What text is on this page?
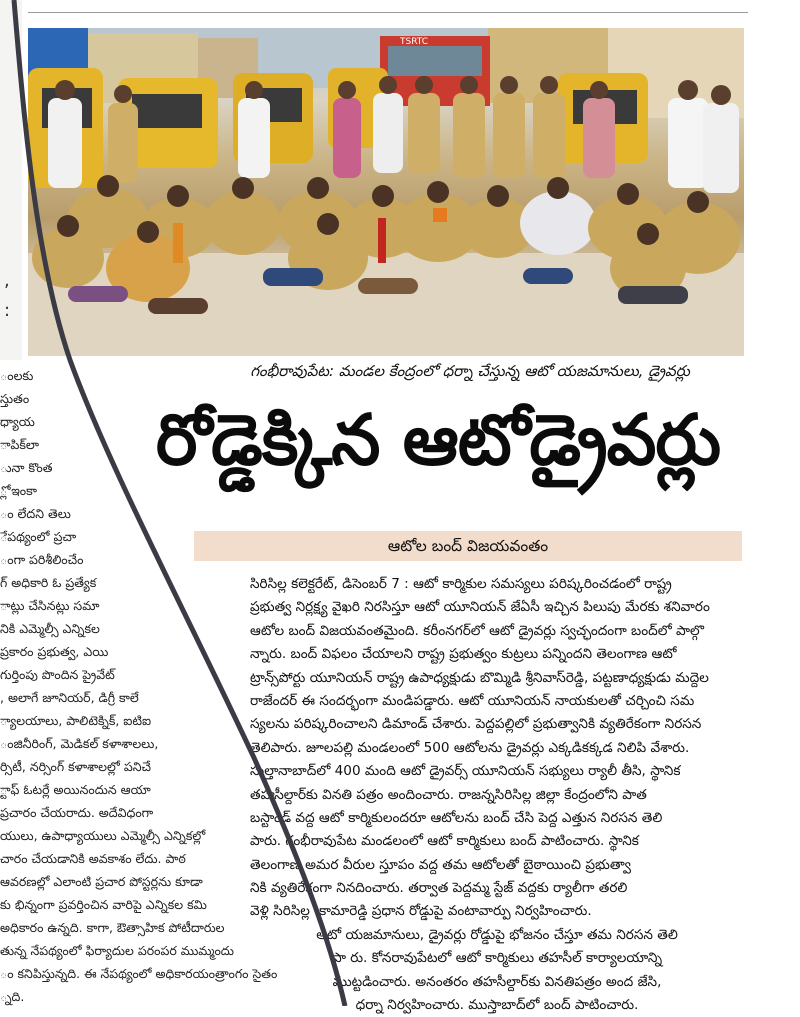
,
:
TSRTC
గంభీరావుపేట: మండల కేంద్రంలో ధర్నా చేస్తున్న ఆటో యజమానులు, డ్రైవర్లు
రోడ్డెక్కిన ఆటోడ్రైవర్లు
ఆటోల బంద్ విజయవంతం
సిరిసిల్ల కలెక్టరేట్, డిసెంబర్ 7 : ఆటో కార్మికుల సమస్యలు పరిష్కరించడంలో రాష్ట్ర
ప్రభుత్వ నిర్లక్ష్య వైఖరి నిరసిస్తూ ఆటో యూనియన్ జేఏసీ ఇచ్చిన పిలుపు మేరకు శనివారం
ఆటోల బంద్ విజయవంతమైంది. కరీంనగర్‌లో ఆటో డ్రైవర్లు స్వచ్ఛందంగా బంద్‌లో పాల్గొ
న్నారు. బంద్ విఫలం చేయాలని రాష్ట్ర ప్రభుత్వం కుట్రలు పన్నిందని తెలంగాణ ఆటో
ట్రాన్స్‌పోర్టు యూనియన్ రాష్ట్ర ఉపాధ్యక్షుడు బొమ్మిడి శ్రీనివాస్‌రెడ్డి, పట్టణాధ్యక్షుడు మద్దెల
రాజేందర్ ఈ సందర్భంగా మండిపడ్డారు. ఆటో యూనియన్ నాయకులతో చర్చించి సమ
స్యలను పరిష్కరించాలని డిమాండ్ చేశారు. పెద్దపల్లిలో ప్రభుత్వానికి వ్యతిరేకంగా నిరసన
తెలిపారు. జూలపల్లి మండలంలో 500 ఆటోలను డ్రైవర్లు ఎక్కడికక్కడ నిలిపి వేశారు.
సుల్తానాబాద్‌లో 400 మంది ఆటో డ్రైవర్స్ యూనియన్ సభ్యులు ర్యాలీ తీసి, స్థానిక
తహసీల్దార్‌కు వినతి పత్రం అందించారు. రాజన్నసిరిసిల్ల జిల్లా కేంద్రంలోని పాత
బస్టాండ్ వద్ద ఆటో కార్మికులందరూ ఆటోలను బంద్ చేసి పెద్ద ఎత్తున నిరసన తెలి
పారు. గంభీరావుపేట మండలంలో ఆటో కార్మికులు బంద్ పాటించారు. స్థానిక
తెలంగాణ అమర వీరుల స్తూపం వద్ద తమ ఆటోలతో బైఠాయించి ప్రభుత్వా
నికి వ్యతిరేకంగా నినదించారు. తర్వాత పెద్దమ్మ స్టేజ్ వద్దకు ర్యాలీగా తరలి
వెళ్లి సిరిసిల్ల -కామారెడ్డి ప్రధాన రోడ్డుపై వంటావార్పు నిర్వహించారు.
ఆటో యజమానులు, డ్రైవర్లు రోడ్డుపై భోజనం చేస్తూ తమ నిరసన తెలి
పా రు. కోనరావుపేటలో ఆటో కార్మికులు తహసీల్ కార్యాలయాన్ని
ముట్టడించారు. అనంతరం తహసీల్దార్‌కు వినతిపత్రం అంద జేసి,
ధర్నా నిర్వహించారు. ముస్తాబాద్‌లో బంద్ పాటించారు.
ంలకు
స్తుతం
ధ్యాయ
ాపిక్‌లా
ునా కొంత
్లో ఇంకా
ం లేదని తెలు
ేపథ్యంలో ప్రచా
ంగా పరిశీలించేం
గ్ అధికారి ఓ ప్రత్యేక
ాట్లు చేసినట్లు సమా
నికి ఎమ్మెల్సీ ఎన్నికల
ప్రకారం ప్రభుత్వ, ఎయి
గుర్తింపు పొందిన ప్రైవేట్
, అలాగే జూనియర్, డిగ్రీ కాలే
్యాలయాలు, పాలిటెక్నిక్, ఐటిఐ
ంజినీరింగ్, మెడికల్ కళాశాలలు,
ర్సిటీ, నర్సింగ్ కళాశాలల్లో పనిచే
్టాఫ్ ఓటర్లే అయినందున ఆయా
ప్రచారం చేయరాదు. అదేవిధంగా
యులు, ఉపాధ్యాయులు ఎమ్మెల్సీ ఎన్నికల్లో
చారం చేయడానికి అవకాశం లేదు. పాఠ
ఆవరణల్లో ఎలాంటి ప్రచార పోస్టర్లను కూడా
కు భిన్నంగా ప్రవర్తించిన వారిపై ఎన్నికల కమి
అధికారం ఉన్నది. కాగా, ఔత్సాహిక పోటీదారుల
తున్న నేపథ్యంలో ఫిర్యాదుల పరంపర ముమ్మందు
ం కనిపిస్తున్నది. ఈ నేపథ్యంలో అధికారయంత్రాంగం సైతం
్నది.
